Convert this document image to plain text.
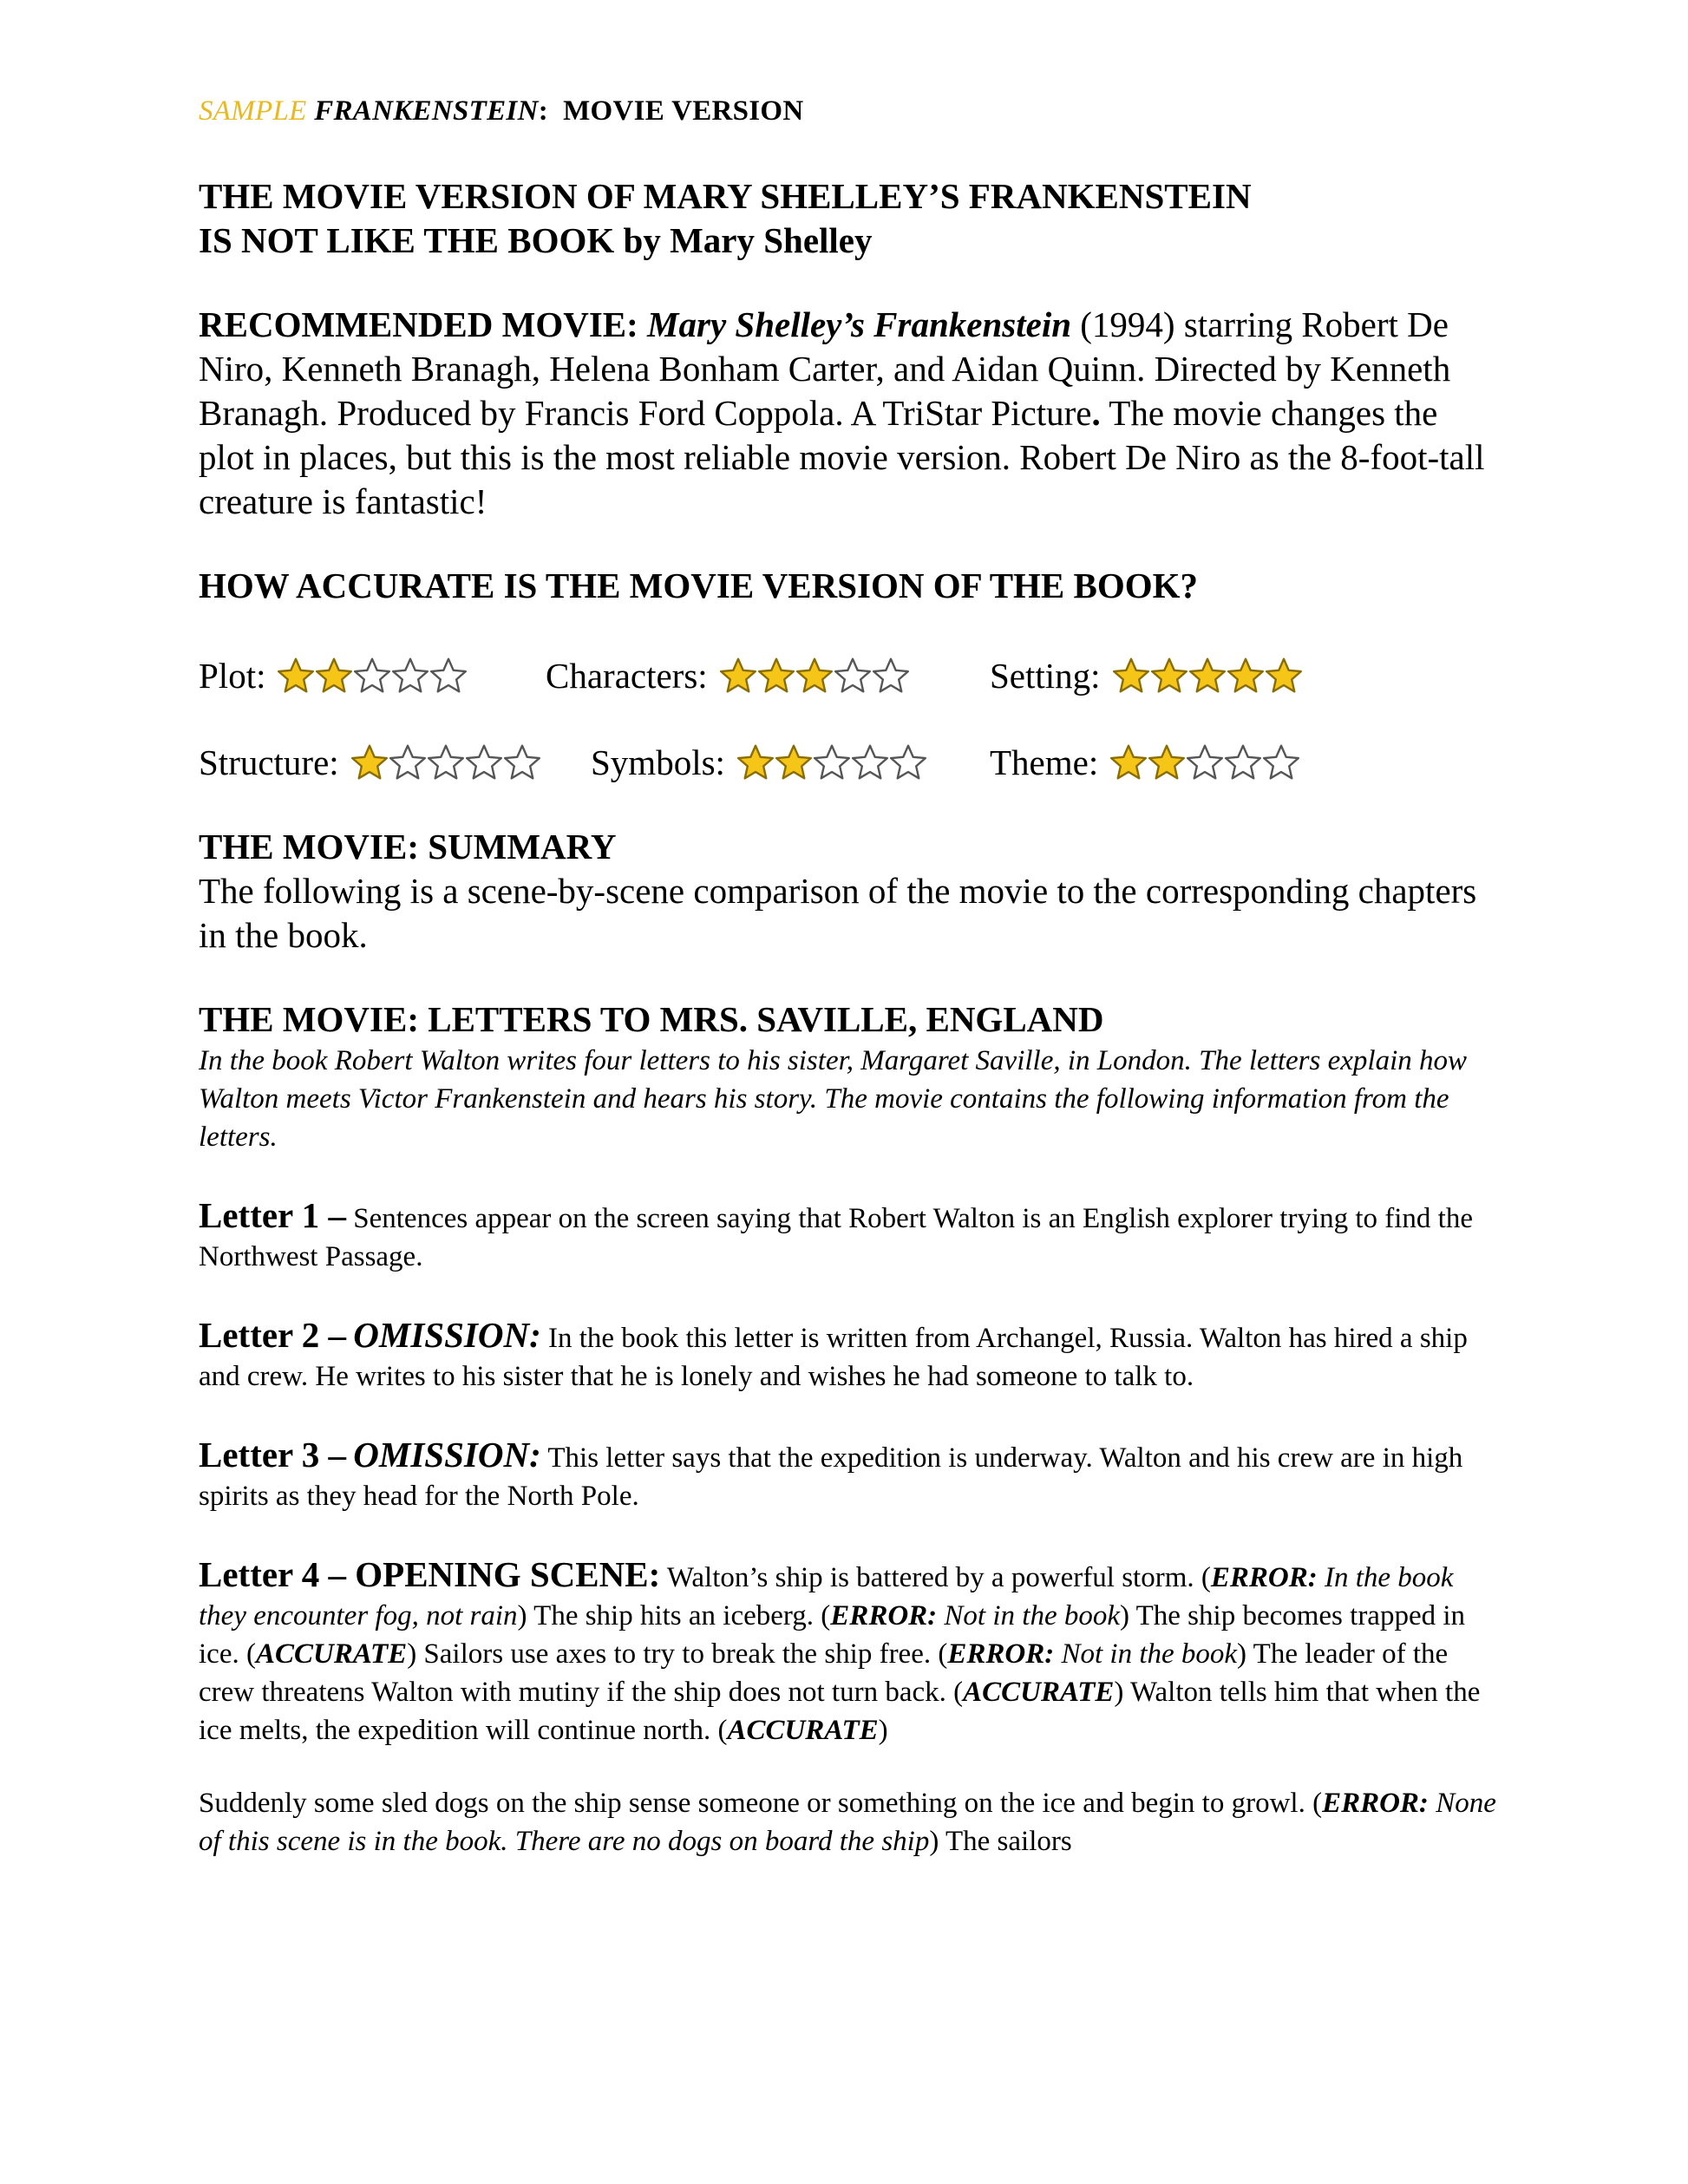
SAMPLE FRANKENSTEIN: MOVIE VERSION
THE MOVIE VERSION OF MARY SHELLEY’S FRANKENSTEIN
IS NOT LIKE THE BOOK by Mary Shelley
RECOMMENDED MOVIE: Mary Shelley’s Frankenstein (1994) starring Robert De Niro, Kenneth Branagh, Helena Bonham Carter, and Aidan Quinn. Directed by Kenneth Branagh. Produced by Francis Ford Coppola. A TriStar Picture. The movie changes the plot in places, but this is the most reliable movie version. Robert De Niro as the 8-foot-tall creature is fantastic!
HOW ACCURATE IS THE MOVIE VERSION OF THE BOOK?
Plot:	Characters:	Setting:
Structure:	Symbols:	Theme:
THE MOVIE: SUMMARY
The following is a scene-by-scene comparison of the movie to the corresponding chapters in the book.
THE MOVIE: LETTERS TO MRS. SAVILLE, ENGLAND
In the book Robert Walton writes four letters to his sister, Margaret Saville, in London. The letters explain how Walton meets Victor Frankenstein and hears his story. The movie contains the following information from the letters.
Letter 1 – Sentences appear on the screen saying that Robert Walton is an English explorer trying to find the Northwest Passage.
Letter 2 – OMISSION: In the book this letter is written from Archangel, Russia. Walton has hired a ship and crew. He writes to his sister that he is lonely and wishes he had someone to talk to.
Letter 3 – OMISSION: This letter says that the expedition is underway. Walton and his crew are in high spirits as they head for the North Pole.
Letter 4 – OPENING SCENE: Walton’s ship is battered by a powerful storm. (ERROR: In the book they encounter fog, not rain) The ship hits an iceberg. (ERROR: Not in the book) The ship becomes trapped in ice. (ACCURATE) Sailors use axes to try to break the ship free. (ERROR: Not in the book) The leader of the crew threatens Walton with mutiny if the ship does not turn back. (ACCURATE) Walton tells him that when the ice melts, the expedition will continue north. (ACCURATE)
Suddenly some sled dogs on the ship sense someone or something on the ice and begin to growl. (ERROR: None of this scene is in the book. There are no dogs on board the ship) The sailors
